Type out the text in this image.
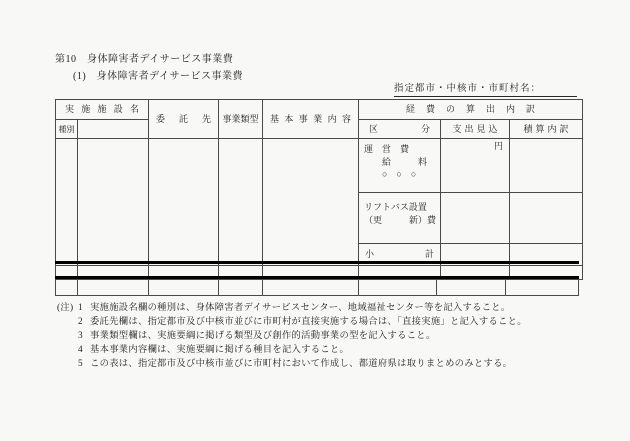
第10　身体障害者デイサービス事業費
(1)　身体障害者デイサービス事業費
指定都市・中核市・市町村名：
実施施設名		委託先	事業類型	基本事業内容	経費の算出内訳		
種別					区分	支出見込	積算内訳

					運　営　費
　　給　　　料
　　○　○　○	円	

					リフトバス設置
（更　　　新）費		

					小計		

(注) 1 実施施設名欄の種別は、身体障害者デイサービスセンター、地域福祉センター等を記入すること。
2 委託先欄は、指定都市及び中核市並びに市町村が直接実施する場合は、「直接実施」と記入すること。
3 事業類型欄は、実施要綱に掲げる類型及び創作的活動事業の型を記入すること。
4 基本事業内容欄は、実施要綱に掲げる種目を記入すること。
5 この表は、指定都市及び中核市並びに市町村において作成し、都道府県は取りまとめのみとする。
